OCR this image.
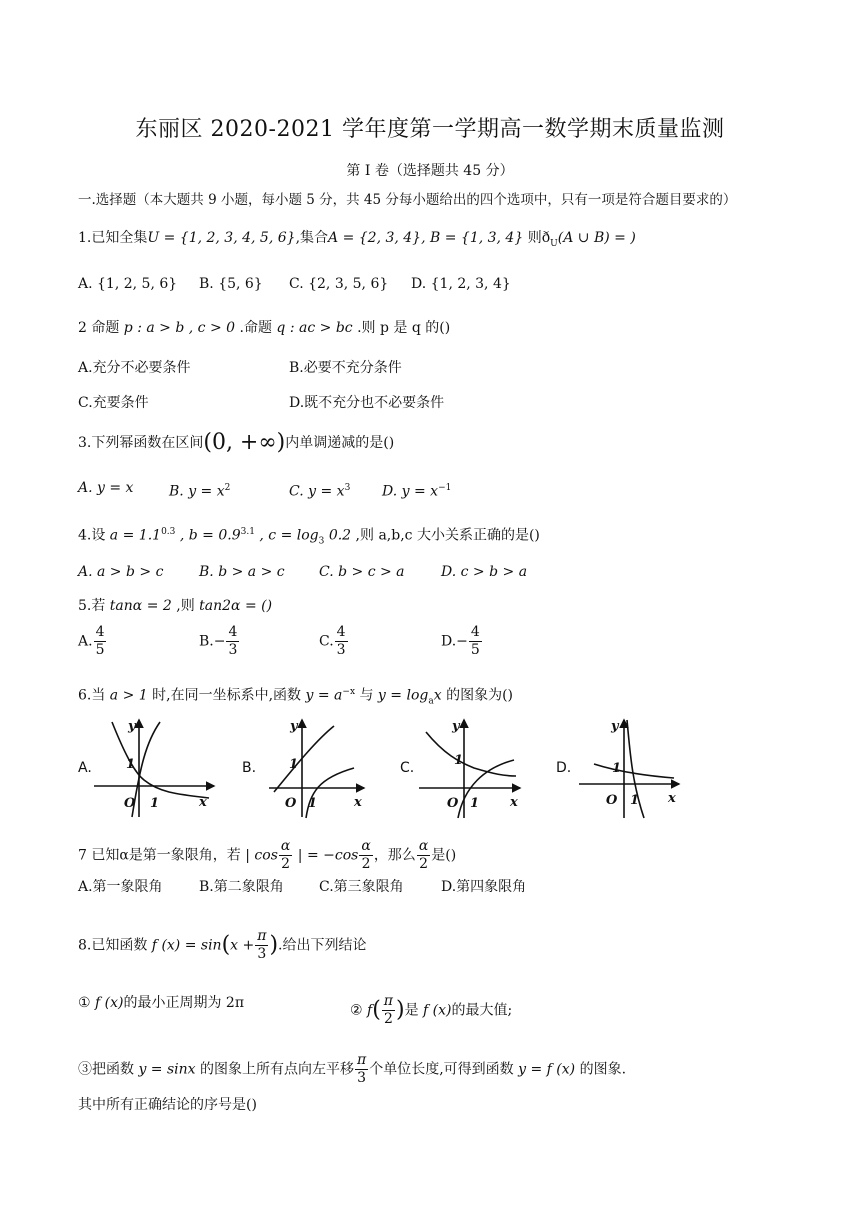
东丽区 2020-2021 学年度第一学期高一数学期末质量监测
第 I 卷（选择题共 45 分）
一.选择题（本大题共 9 小题，每小题 5 分，共 45 分每小题给出的四个选项中，只有一项是符合题目要求的）
1.已知全集U = {1, 2, 3, 4, 5, 6},集合A = {2, 3, 4}, B = {1, 3, 4} 则$ð_U(A$ ∪ B) = )
A. {1, 2, 5, 6} B. {5, 6} C. {2, 3, 5, 6} D. {1, 2, 3, 4}
2 命题 p : a > b , c > 0 .命题 q : ac > bc .则 p 是 q 的()
A.充分不必要条件	B.必要不充分条件
C.充要条件	D.既不充分也不必要条件
3.下列幂函数在区间(0, +∞)内单调递减的是()
A. y = x	B. $y = x^2$	C. $y = x^3$ D. $y = x^{-1}$
4.设 $a = 1.1^{0.3}$ , $b = 0.9^{3.1}$ , $c = \log_3 0.2$ ,则 a,b,c 大小关系正确的是()
A. a > b > c	B. b > a > c C. b > c > a	D. c > b > a
5.若 tanα = 2 ,则 tan2α = ()
A. $\frac{4}{5}$	$B.- \frac{4}{3}$	C. $\frac{4}{3}$	$D.- \frac{4}{5}$
6.当 a > 1 时,在同一坐标系中,函数 $y = a^{-x}$ 与 $y = \log_ax$ 的图象为()
y
x
O
1
1
y
x
O
1
1
y
x
O
1
1
y
x
O
1
1
A.	B.	C.	D.
7 已知α是第一象限角，若 | $\cos \frac{\alpha}{2}$ | = $-\cos \frac{\alpha}{2}$ ，那么 $\frac{\alpha}{2}$ 是()
A.第一象限角	B.第二象限角	C.第三象限角	D.第四象限角
8.已知函数 f $(x) = \sin(x + \frac{\pi}{3}$ ).给出下列结论
① f (x)的最小正周期为 2π	② $f( \frac{\pi}{2}$ )是 f (x)的最大值;
③把函数 y = sinx 的图象上所有点向左平移 $\frac{\pi}{3}$ 个单位长度,可得到函数 y = f (x) 的图象.
其中所有正确结论的序号是()
